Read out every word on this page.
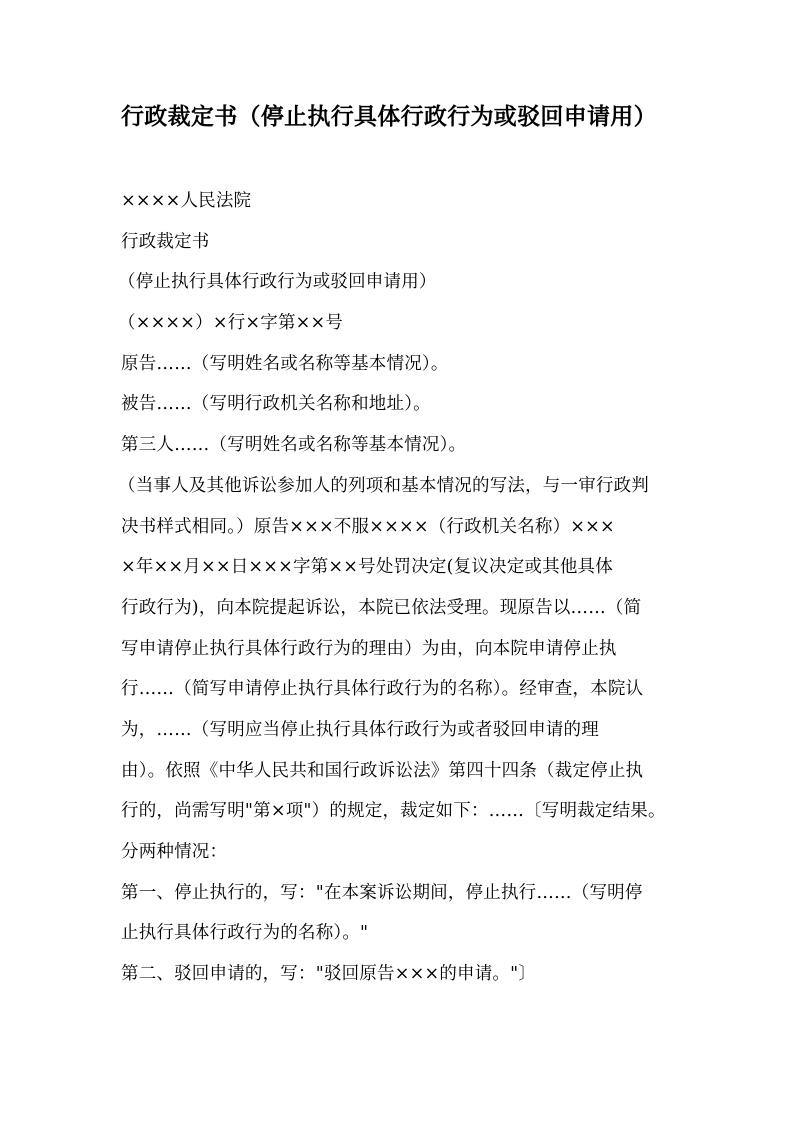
行政裁定书（停止执行具体行政行为或驳回申请用）
××××人民法院
行政裁定书
（停止执行具体行政行为或驳回申请用）
（××××）×行×字第××号
原告……（写明姓名或名称等基本情况）。
被告……（写明行政机关名称和地址）。
第三人……（写明姓名或名称等基本情况）。
（当事人及其他诉讼参加人的列项和基本情况的写法，与一审行政判
决书样式相同。）原告×××不服××××（行政机关名称）×××
×年××月××日×××字第××号处罚决定(复议决定或其他具体
行政行为)，向本院提起诉讼，本院已依法受理。现原告以……（简
写申请停止执行具体行政行为的理由）为由，向本院申请停止执
行……（简写申请停止执行具体行政行为的名称）。经审查，本院认
为，……（写明应当停止执行具体行政行为或者驳回申请的理
由）。依照《中华人民共和国行政诉讼法》第四十四条（裁定停止执
行的，尚需写明"第×项"）的规定，裁定如下：……〔写明裁定结果。
分两种情况：
第一、停止执行的，写："在本案诉讼期间，停止执行……（写明停
止执行具体行政行为的名称）。"
第二、驳回申请的，写："驳回原告×××的申请。"〕
